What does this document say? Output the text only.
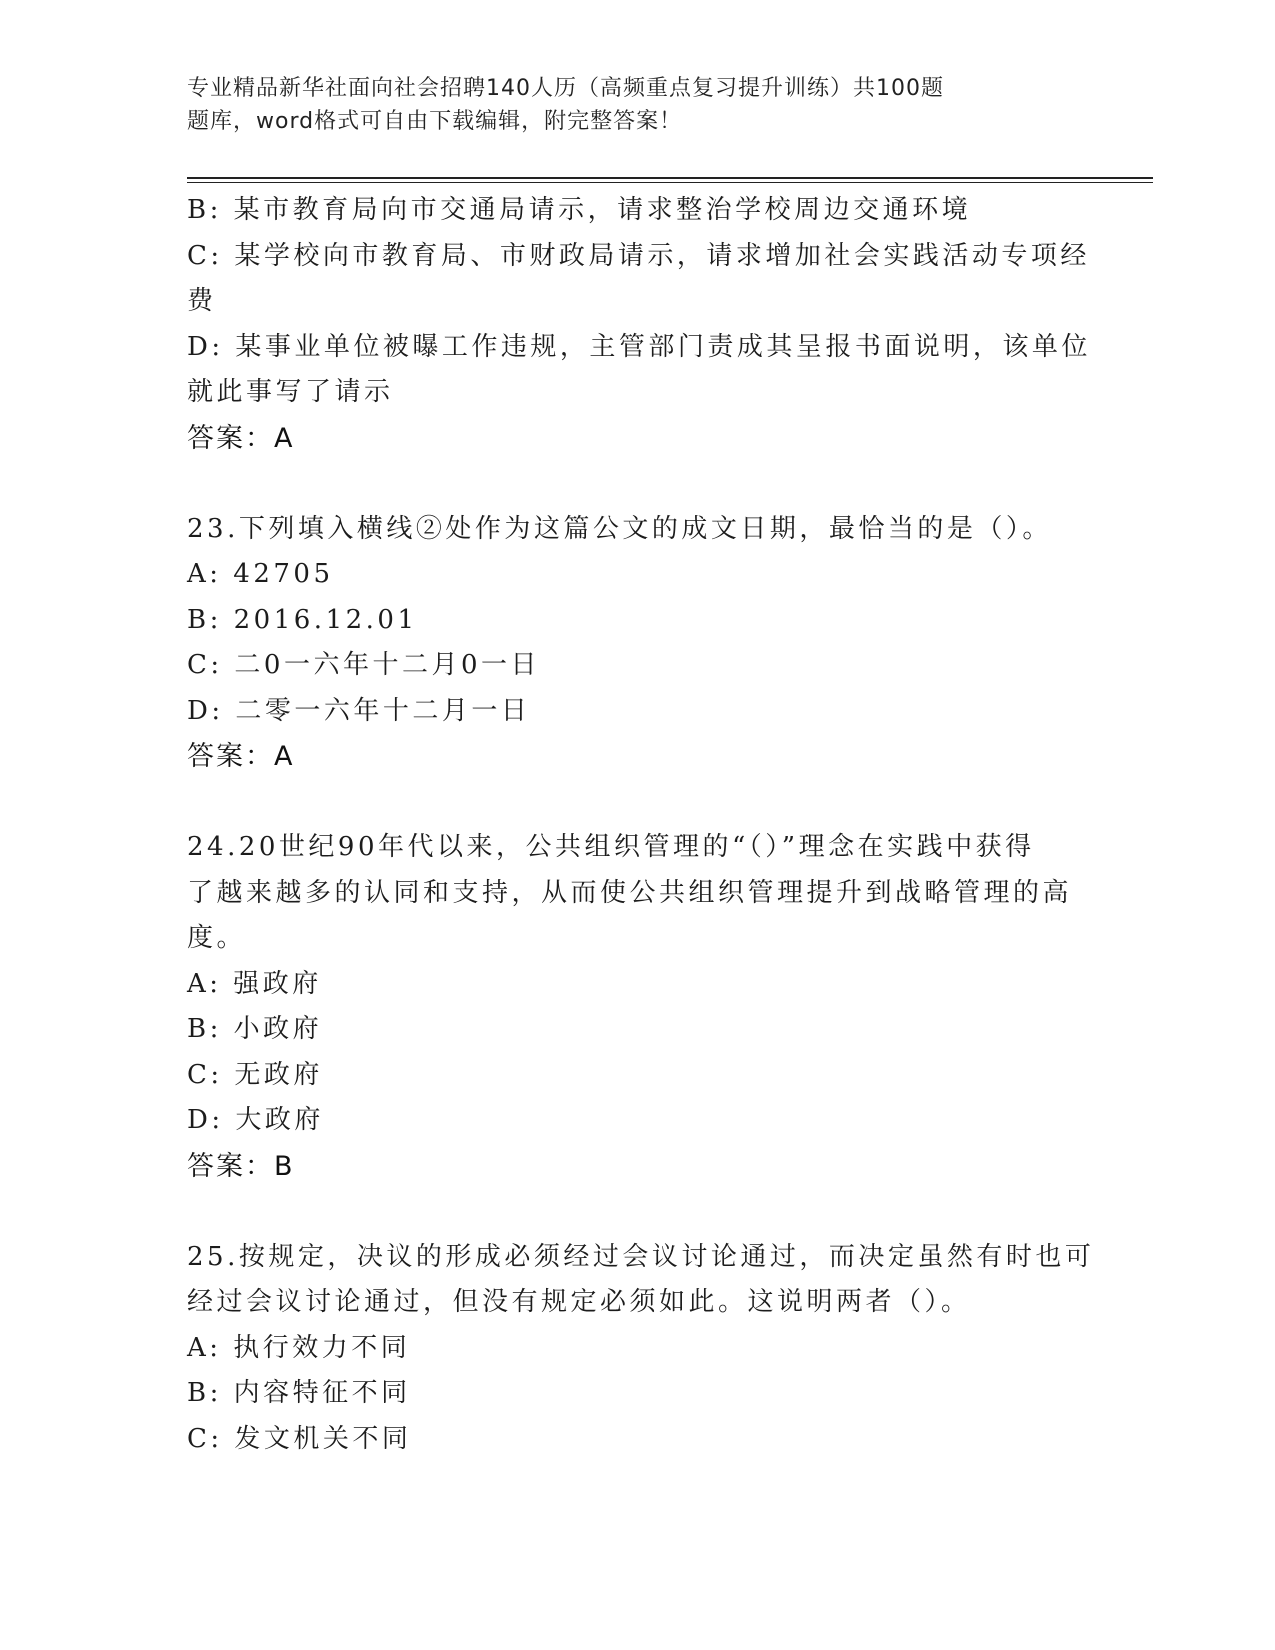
专业精品新华社面向社会招聘140人历（高频重点复习提升训练）共100题
题库，word格式可自由下载编辑，附完整答案！
B: 某市教育局向市交通局请示，请求整治学校周边交通环境
C: 某学校向市教育局、市财政局请示，请求增加社会实践活动专项经
费
D: 某事业单位被曝工作违规，主管部门责成其呈报书面说明，该单位
就此事写了请示
答案：A
23.下列填入横线②处作为这篇公文的成文日期，最恰当的是（）。
A: 42705
B: 2016.12.01
C: 二0一六年十二月0一日
D: 二零一六年十二月一日
答案：A
24.20世纪90年代以来，公共组织管理的“（）”理念在实践中获得
了越来越多的认同和支持，从而使公共组织管理提升到战略管理的高
度。
A: 强政府
B: 小政府
C: 无政府
D: 大政府
答案：B
25.按规定，决议的形成必须经过会议讨论通过，而决定虽然有时也可
经过会议讨论通过，但没有规定必须如此。这说明两者（）。
A: 执行效力不同
B: 内容特征不同
C: 发文机关不同
